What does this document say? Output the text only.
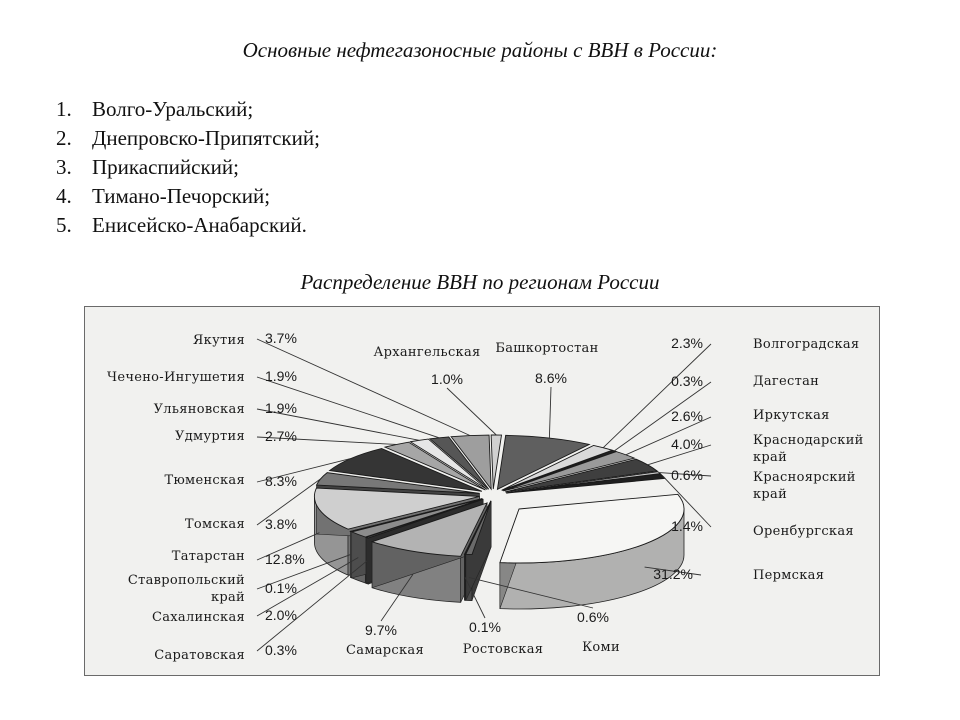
Основные нефтегазоносные районы с ВВН в России:
1. Волго-Уральский;
2. Днепровско-Припятский;
3. Прикаспийский;
4. Тимано-Печорский;
5. Енисейско-Анабарский.
Распределение ВВН по регионам России
8.6%
Башкортостан	2.3%	Волгоградская
0.3%	Дагестан
2.6%	Иркутская
4.0%	Краснодарский край
0.6%	Красноярский край
1.4%	Оренбургская
31.2%	Пермская
0.6%
Коми
0.1%
Ростовская
9.7%
Самарская
0.3%
Саратовская
2.0%
Сахалинская
0.1%
Ставропольский край
12.8%
Татарстан
3.8%
Томская
8.3%
Тюменская
2.7%
Удмуртия
1.9%
Ульяновская
1.9%
Чечено-Ингушетия
3.7%
Якутия
1.0%
Архангельская
